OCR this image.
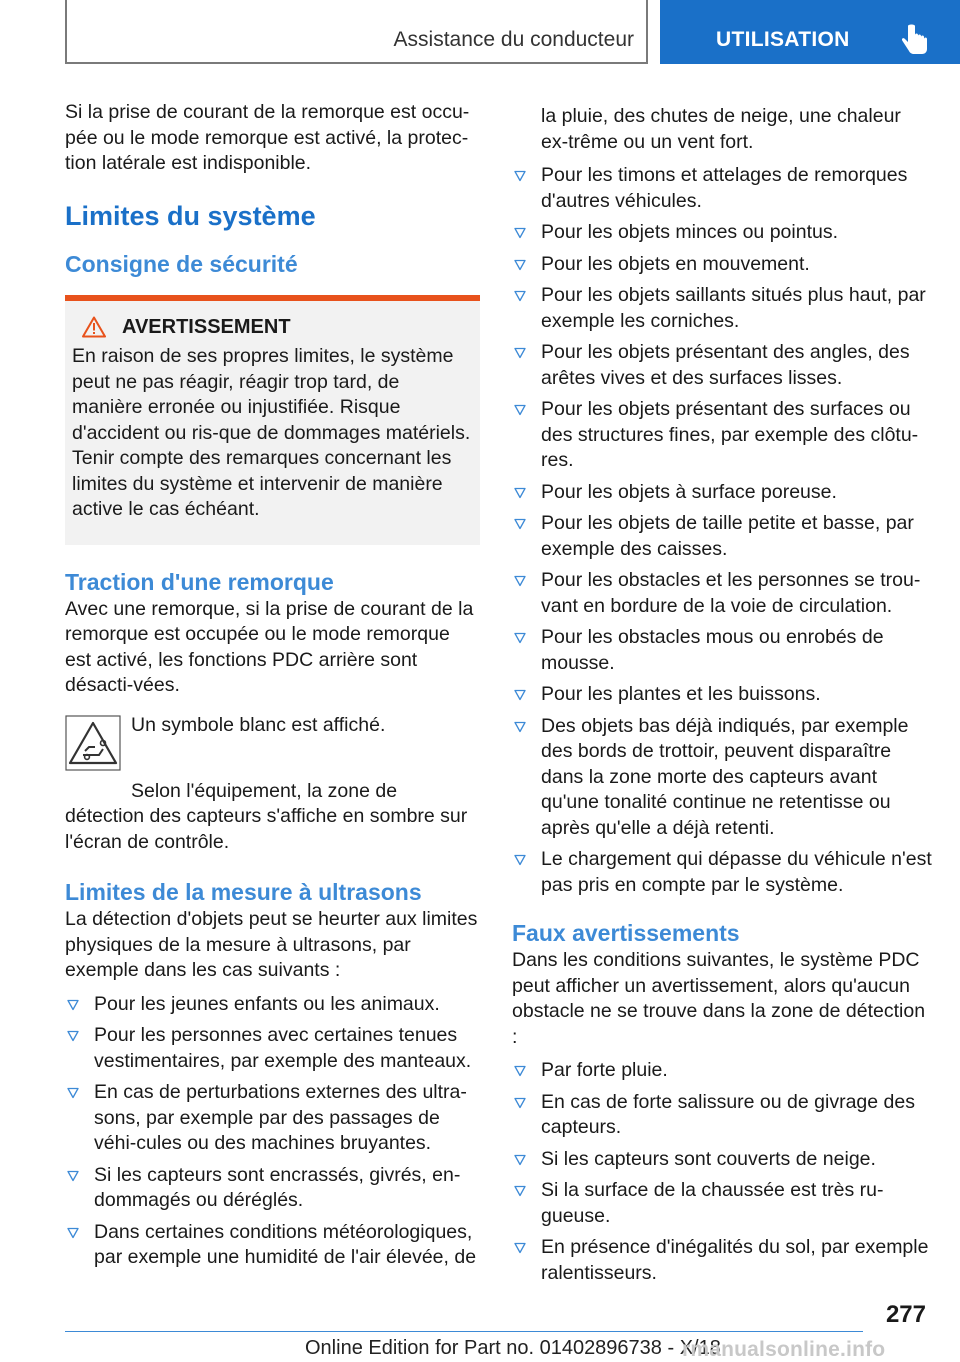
Assistance du conducteur	UTILISATION

Si la prise de courant de la remorque est occu-pée ou le mode remorque est activé, la protec-tion latérale est indisponible.

Limites du système
Consigne de sécurité
AVERTISSEMENT

En raison de ses propres limites, le système peut ne pas réagir, réagir trop tard, de manière erronée ou injustifiée. Risque d'accident ou ris-que de dommages matériels. Tenir compte des remarques concernant les limites du système et intervenir de manière active le cas échéant.

Traction d'une remorque

Avec une remorque, si la prise de courant de la remorque est occupée ou le mode remorque est activé, les fonctions PDC arrière sont désacti-vées.

Un symbole blanc est affiché.

Selon l'équipement, la zone de détection des capteurs s'affiche en sombre sur l'écran de contrôle.

Limites de la mesure à ultrasons

La détection d'objets peut se heurter aux limites physiques de la mesure à ultrasons, par exemple dans les cas suivants :

Pour les jeunes enfants ou les animaux.
Pour les personnes avec certaines tenues vestimentaires, par exemple des manteaux.
En cas de perturbations externes des ultra-sons, par exemple par des passages de véhi-cules ou des machines bruyantes.
Si les capteurs sont encrassés, givrés, en-dommagés ou déréglés.
Dans certaines conditions météorologiques, par exemple une humidité de l'air élevée, de

la pluie, des chutes de neige, une chaleur ex-trême ou un vent fort.

Pour les timons et attelages de remorques d'autres véhicules.
Pour les objets minces ou pointus.
Pour les objets en mouvement.
Pour les objets saillants situés plus haut, par exemple les corniches.
Pour les objets présentant des angles, des arêtes vives et des surfaces lisses.
Pour les objets présentant des surfaces ou des structures fines, par exemple des clôtu-res.
Pour les objets à surface poreuse.
Pour les objets de taille petite et basse, par exemple des caisses.
Pour les obstacles et les personnes se trou-vant en bordure de la voie de circulation.
Pour les obstacles mous ou enrobés de mousse.
Pour les plantes et les buissons.
Des objets bas déjà indiqués, par exemple des bords de trottoir, peuvent disparaître dans la zone morte des capteurs avant qu'une tonalité continue ne retentisse ou après qu'elle a déjà retenti.
Le chargement qui dépasse du véhicule n'est pas pris en compte par le système.
Faux avertissements

Dans les conditions suivantes, le système PDC peut afficher un avertissement, alors qu'aucun obstacle ne se trouve dans la zone de détection :

Par forte pluie.
En cas de forte salissure ou de givrage des capteurs.
Si les capteurs sont couverts de neige.
Si la surface de la chaussée est très ru-gueuse.
En présence d'inégalités du sol, par exemple ralentisseurs.
277
Online Edition for Part no. 01402896738 - X/18
rmanualsonline.info
